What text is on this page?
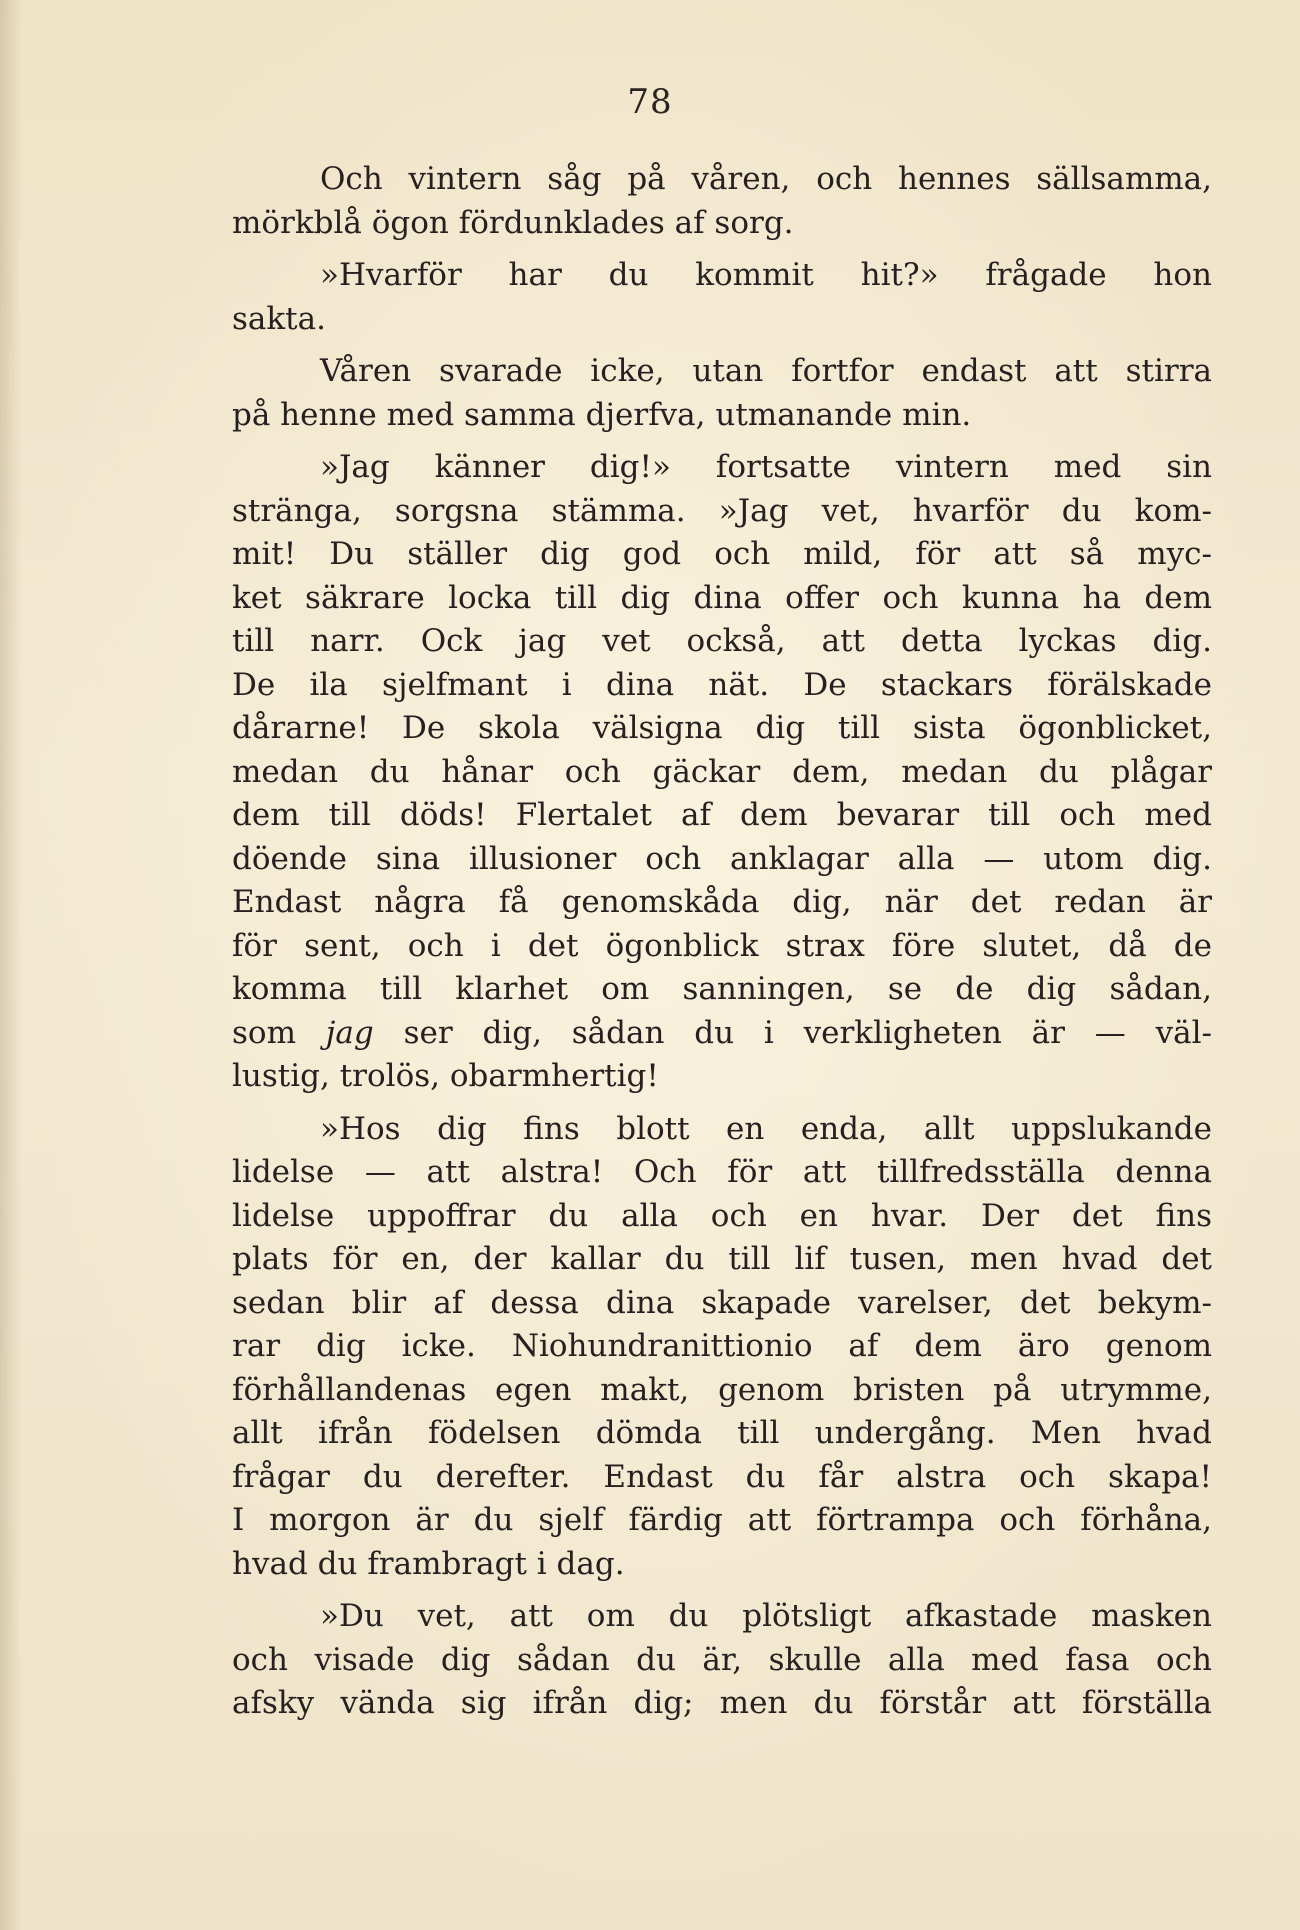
78
Och vintern såg på våren, och hennes sällsamma,
mörkblå ögon fördunklades af sorg.
»Hvarför har du kommit hit?» frågade hon
sakta.
Våren svarade icke, utan fortfor endast att stirra
på henne med samma djerfva, utmanande min.
»Jag känner dig!» fortsatte vintern med sin
stränga, sorgsna stämma. »Jag vet, hvarför du kom-
mit! Du ställer dig god och mild, för att så myc-
ket säkrare locka till dig dina offer och kunna ha dem
till narr. Ock jag vet också, att detta lyckas dig.
De ila sjelfmant i dina nät. De stackars förälskade
dårarne! De skola välsigna dig till sista ögonblicket,
medan du hånar och gäckar dem, medan du plågar
dem till döds! Flertalet af dem bevarar till och med
döende sina illusioner och anklagar alla — utom dig.
Endast några få genomskåda dig, när det redan är
för sent, och i det ögonblick strax före slutet, då de
komma till klarhet om sanningen, se de dig sådan,
som jag ser dig, sådan du i verkligheten är — väl-
lustig, trolös, obarmhertig!
»Hos dig fins blott en enda, allt uppslukande
lidelse — att alstra! Och för att tillfredsställa denna
lidelse uppoffrar du alla och en hvar. Der det fins
plats för en, der kallar du till lif tusen, men hvad det
sedan blir af dessa dina skapade varelser, det bekym-
rar dig icke. Niohundranittionio af dem äro genom
förhållandenas egen makt, genom bristen på utrymme,
allt ifrån födelsen dömda till undergång. Men hvad
frågar du derefter. Endast du får alstra och skapa!
I morgon är du sjelf färdig att förtrampa och förhåna,
hvad du frambragt i dag.
»Du vet, att om du plötsligt afkastade masken
och visade dig sådan du är, skulle alla med fasa och
afsky vända sig ifrån dig; men du förstår att förställa
